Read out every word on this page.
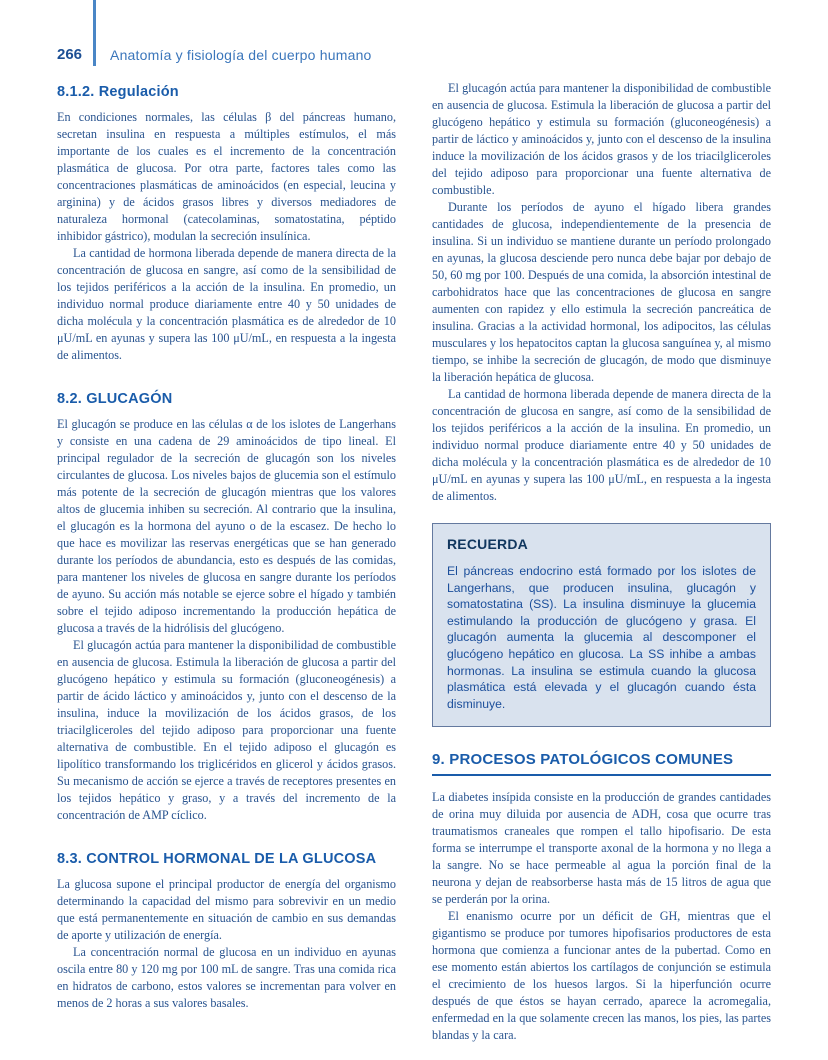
266 Anatomía y fisiología del cuerpo humano
8.1.2. Regulación

En condiciones normales, las células β del páncreas humano, secretan insulina en respuesta a múltiples estímulos, el más importante de los cuales es el incremento de la concentración plasmática de glucosa. Por otra parte, factores tales como las concentraciones plasmáticas de aminoácidos (en especial, leucina y arginina) y de ácidos grasos libres y diversos mediadores de naturaleza hormonal (catecolaminas, somatostatina, péptido inhibidor gástrico), modulan la secreción insulínica.

La cantidad de hormona liberada depende de manera directa de la concentración de glucosa en sangre, así como de la sensibilidad de los tejidos periféricos a la acción de la insulina. En promedio, un individuo normal produce diariamente entre 40 y 50 unidades de dicha molécula y la concentración plasmática es de alrededor de 10 μU/mL en ayunas y supera las 100 μU/mL, en respuesta a la ingesta de alimentos.

8.2. GLUCAGÓN

El glucagón se produce en las células α de los islotes de Langerhans y consiste en una cadena de 29 aminoácidos de tipo lineal. El principal regulador de la secreción de glucagón son los niveles circulantes de glucosa. Los niveles bajos de glucemia son el estímulo más potente de la secreción de glucagón mientras que los valores altos de glucemia inhiben su secreción. Al contrario que la insulina, el glucagón es la hormona del ayuno o de la escasez. De hecho lo que hace es movilizar las reservas energéticas que se han generado durante los períodos de abundancia, esto es después de las comidas, para mantener los niveles de glucosa en sangre durante los períodos de ayuno. Su acción más notable se ejerce sobre el hígado y también sobre el tejido adiposo incrementando la producción hepática de glucosa a través de la hidrólisis del glucógeno.

El glucagón actúa para mantener la disponibilidad de combustible en ausencia de glucosa. Estimula la liberación de glucosa a partir del glucógeno hepático y estimula su formación (gluconeogénesis) a partir de ácido láctico y aminoácidos y, junto con el descenso de la insulina, induce la movilización de los ácidos grasos, de los triacilgliceroles del tejido adiposo para proporcionar una fuente alternativa de combustible. En el tejido adiposo el glucagón es lipolítico transformando los triglicéridos en glicerol y ácidos grasos. Su mecanismo de acción se ejerce a través de receptores presentes en los tejidos hepático y graso, y a través del incremento de la concentración de AMP cíclico.

8.3. CONTROL HORMONAL DE LA GLUCOSA

La glucosa supone el principal productor de energía del organismo determinando la capacidad del mismo para sobrevivir en un medio que está permanentemente en situación de cambio en sus demandas de aporte y utilización de energía.

La concentración normal de glucosa en un individuo en ayunas oscila entre 80 y 120 mg por 100 mL de sangre. Tras una comida rica en hidratos de carbono, estos valores se incrementan para volver en menos de 2 horas a sus valores basales.

El glucagón actúa para mantener la disponibilidad de combustible en ausencia de glucosa. Estimula la liberación de glucosa a partir del glucógeno hepático y estimula su formación (gluconeogénesis) a partir de láctico y aminoácidos y, junto con el descenso de la insulina induce la movilización de los ácidos grasos y de los triacilgliceroles del tejido adiposo para proporcionar una fuente alternativa de combustible.

Durante los períodos de ayuno el hígado libera grandes cantidades de glucosa, independientemente de la presencia de insulina. Si un individuo se mantiene durante un período prolongado en ayunas, la glucosa desciende pero nunca debe bajar por debajo de 50, 60 mg por 100. Después de una comida, la absorción intestinal de carbohidratos hace que las concentraciones de glucosa en sangre aumenten con rapidez y ello estimula la secreción pancreática de insulina. Gracias a la actividad hormonal, los adipocitos, las células musculares y los hepatocitos captan la glucosa sanguínea y, al mismo tiempo, se inhibe la secreción de glucagón, de modo que disminuye la liberación hepática de glucosa.

La cantidad de hormona liberada depende de manera directa de la concentración de glucosa en sangre, así como de la sensibilidad de los tejidos periféricos a la acción de la insulina. En promedio, un individuo normal produce diariamente entre 40 y 50 unidades de dicha molécula y la concentración plasmática es de alrededor de 10 μU/mL en ayunas y supera las 100 μU/mL, en respuesta a la ingesta de alimentos.

RECUERDA

El páncreas endocrino está formado por los islotes de Langerhans, que producen insulina, glucagón y somatostatina (SS). La insulina disminuye la glucemia estimulando la producción de glucógeno y grasa. El glucagón aumenta la glucemia al descomponer el glucógeno hepático en glucosa. La SS inhibe a ambas hormonas. La insulina se estimula cuando la glucosa plasmática está elevada y el glucagón cuando ésta disminuye.

9. PROCESOS PATOLÓGICOS COMUNES

La diabetes insípida consiste en la producción de grandes cantidades de orina muy diluida por ausencia de ADH, cosa que ocurre tras traumatismos craneales que rompen el tallo hipofisario. De esta forma se interrumpe el transporte axonal de la hormona y no llega a la sangre. No se hace permeable al agua la porción final de la neurona y dejan de reabsorberse hasta más de 15 litros de agua que se perderán por la orina.

El enanismo ocurre por un déficit de GH, mientras que el gigantismo se produce por tumores hipofisarios productores de esta hormona que comienza a funcionar antes de la pubertad. Como en ese momento están abiertos los cartílagos de conjunción se estimula el crecimiento de los huesos largos. Si la hiperfunción ocurre después de que éstos se hayan cerrado, aparece la acromegalia, enfermedad en la que solamente crecen las manos, los pies, las partes blandas y la cara.
